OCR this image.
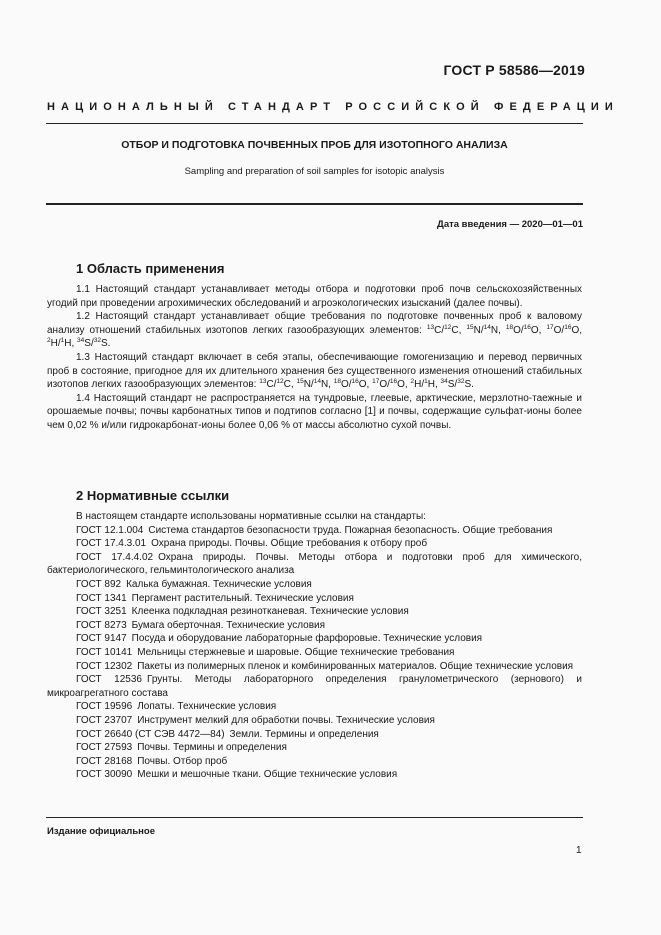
ГОСТ Р 58586—2019
НАЦИОНАЛЬНЫЙ СТАНДАРТ РОССИЙСКОЙ ФЕДЕРАЦИИ
ОТБОР И ПОДГОТОВКА ПОЧВЕННЫХ ПРОБ ДЛЯ ИЗОТОПНОГО АНАЛИЗА
Sampling and preparation of soil samples for isotopic analysis
Дата введения — 2020—01—01
1 Область применения

1.1 Настоящий стандарт устанавливает методы отбора и подготовки проб почв сельскохозяйственных угодий при проведении агрохимических обследований и агроэкологических изысканий (далее почвы).

1.2 Настоящий стандарт устанавливает общие требования по подготовке почвенных проб к валовому анализу отношений стабильных изотопов легких газообразующих элементов: $^{13}$C/$^{12}$C, $^{15}$N/$^{14}$N, $^{18}$O/$^{16}$O, $^{17}$O/$^{16}$O, $^2$H/$^1$H, $^{34}$S/$^{32}$S.

1.3 Настоящий стандарт включает в себя этапы, обеспечивающие гомогенизацию и перевод первичных проб в состояние, пригодное для их длительного хранения без существенного изменения отношений стабильных изотопов легких газообразующих элементов: $^{13}$C/$^{12}$C, $^{15}$N/$^{14}$N, $^{18}$O/$^{16}$O, $^{17}$O/$^{16}$O, $^2$H/$^1$H, $^{34}$S/$^{32}$S.

1.4 Настоящий стандарт не распространяется на тундровые, глеевые, арктические, мерзлотно-таежные и орошаемые почвы; почвы карбонатных типов и подтипов согласно [1] и почвы, содержащие сульфат-ионы более чем 0,02 % и/или гидрокарбонат-ионы более 0,06 % от массы абсолютно сухой почвы.

2 Нормативные ссылки

В настоящем стандарте использованы нормативные ссылки на стандарты:

ГОСТ 12.1.004 Система стандартов безопасности труда. Пожарная безопасность. Общие требования

ГОСТ 17.4.3.01 Охрана природы. Почвы. Общие требования к отбору проб

ГОСТ 17.4.4.02 Охрана природы. Почвы. Методы отбора и подготовки проб для химического, бактериологического, гельминтологического анализа

ГОСТ 892 Калька бумажная. Технические условия

ГОСТ 1341 Пергамент растительный. Технические условия

ГОСТ 3251 Клеенка подкладная резинотканевая. Технические условия

ГОСТ 8273 Бумага оберточная. Технические условия

ГОСТ 9147 Посуда и оборудование лабораторные фарфоровые. Технические условия

ГОСТ 10141 Мельницы стержневые и шаровые. Общие технические требования

ГОСТ 12302 Пакеты из полимерных пленок и комбинированных материалов. Общие технические условия

ГОСТ 12536 Грунты. Методы лабораторного определения гранулометрического (зернового) и микроагрегатного состава

ГОСТ 19596 Лопаты. Технические условия

ГОСТ 23707 Инструмент мелкий для обработки почвы. Технические условия

ГОСТ 26640 (СТ СЭВ 4472—84) Земли. Термины и определения

ГОСТ 27593 Почвы. Термины и определения

ГОСТ 28168 Почвы. Отбор проб

ГОСТ 30090 Мешки и мешочные ткани. Общие технические условия

Издание официальное
1
